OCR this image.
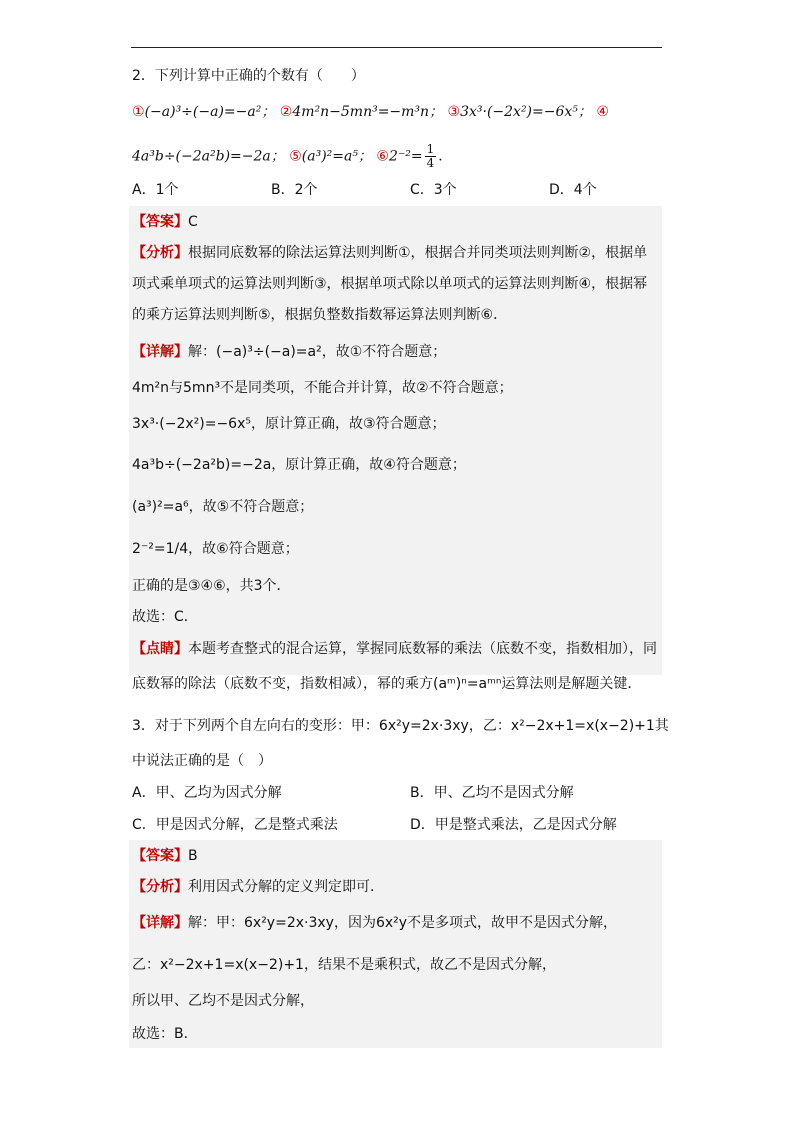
2．下列计算中正确的个数有（　　）
①(−a)³÷(−a)=−a²； ②4m²n−5mn³=−m³n； ③3x³·(−2x²)=−6x⁵； ④
4a³b÷(−2a²b)=−2a； ⑤(a³)²=a⁵； ⑥2⁻²= $\frac{1}{4}$ ．
A．1个	B．2个	C．3个	D．4个
【答案】C
【分析】根据同底数幂的除法运算法则判断①，根据合并同类项法则判断②，根据单
项式乘单项式的运算法则判断③，根据单项式除以单项式的运算法则判断④，根据幂
的乘方运算法则判断⑤，根据负整数指数幂运算法则判断⑥．
【详解】解：(−a)³÷(−a)=a²，故①不符合题意；
4m²n与5mn³不是同类项，不能合并计算，故②不符合题意；
3x³·(−2x²)=−6x⁵，原计算正确，故③符合题意；
4a³b÷(−2a²b)=−2a，原计算正确，故④符合题意；
(a³)²=a⁶，故⑤不符合题意；
2⁻²=1/4，故⑥符合题意；
正确的是③④⑥，共3个．
故选：C．
【点睛】本题考查整式的混合运算，掌握同底数幂的乘法（底数不变，指数相加），同
底数幂的除法（底数不变，指数相减），幂的乘方(aᵐ)ⁿ=aᵐⁿ运算法则是解题关键．
3．对于下列两个自左向右的变形：甲：6x²y=2x·3xy，乙：x²−2x+1=x(x−2)+1其
中说法正确的是（　）
A．甲、乙均为因式分解	B．甲、乙均不是因式分解
C．甲是因式分解，乙是整式乘法	D．甲是整式乘法，乙是因式分解
【答案】B
【分析】利用因式分解的定义判定即可．
【详解】解：甲：6x²y=2x·3xy，因为6x²y不是多项式，故甲不是因式分解，
乙：x²−2x+1=x(x−2)+1，结果不是乘积式，故乙不是因式分解，
所以甲、乙均不是因式分解，
故选：B．
